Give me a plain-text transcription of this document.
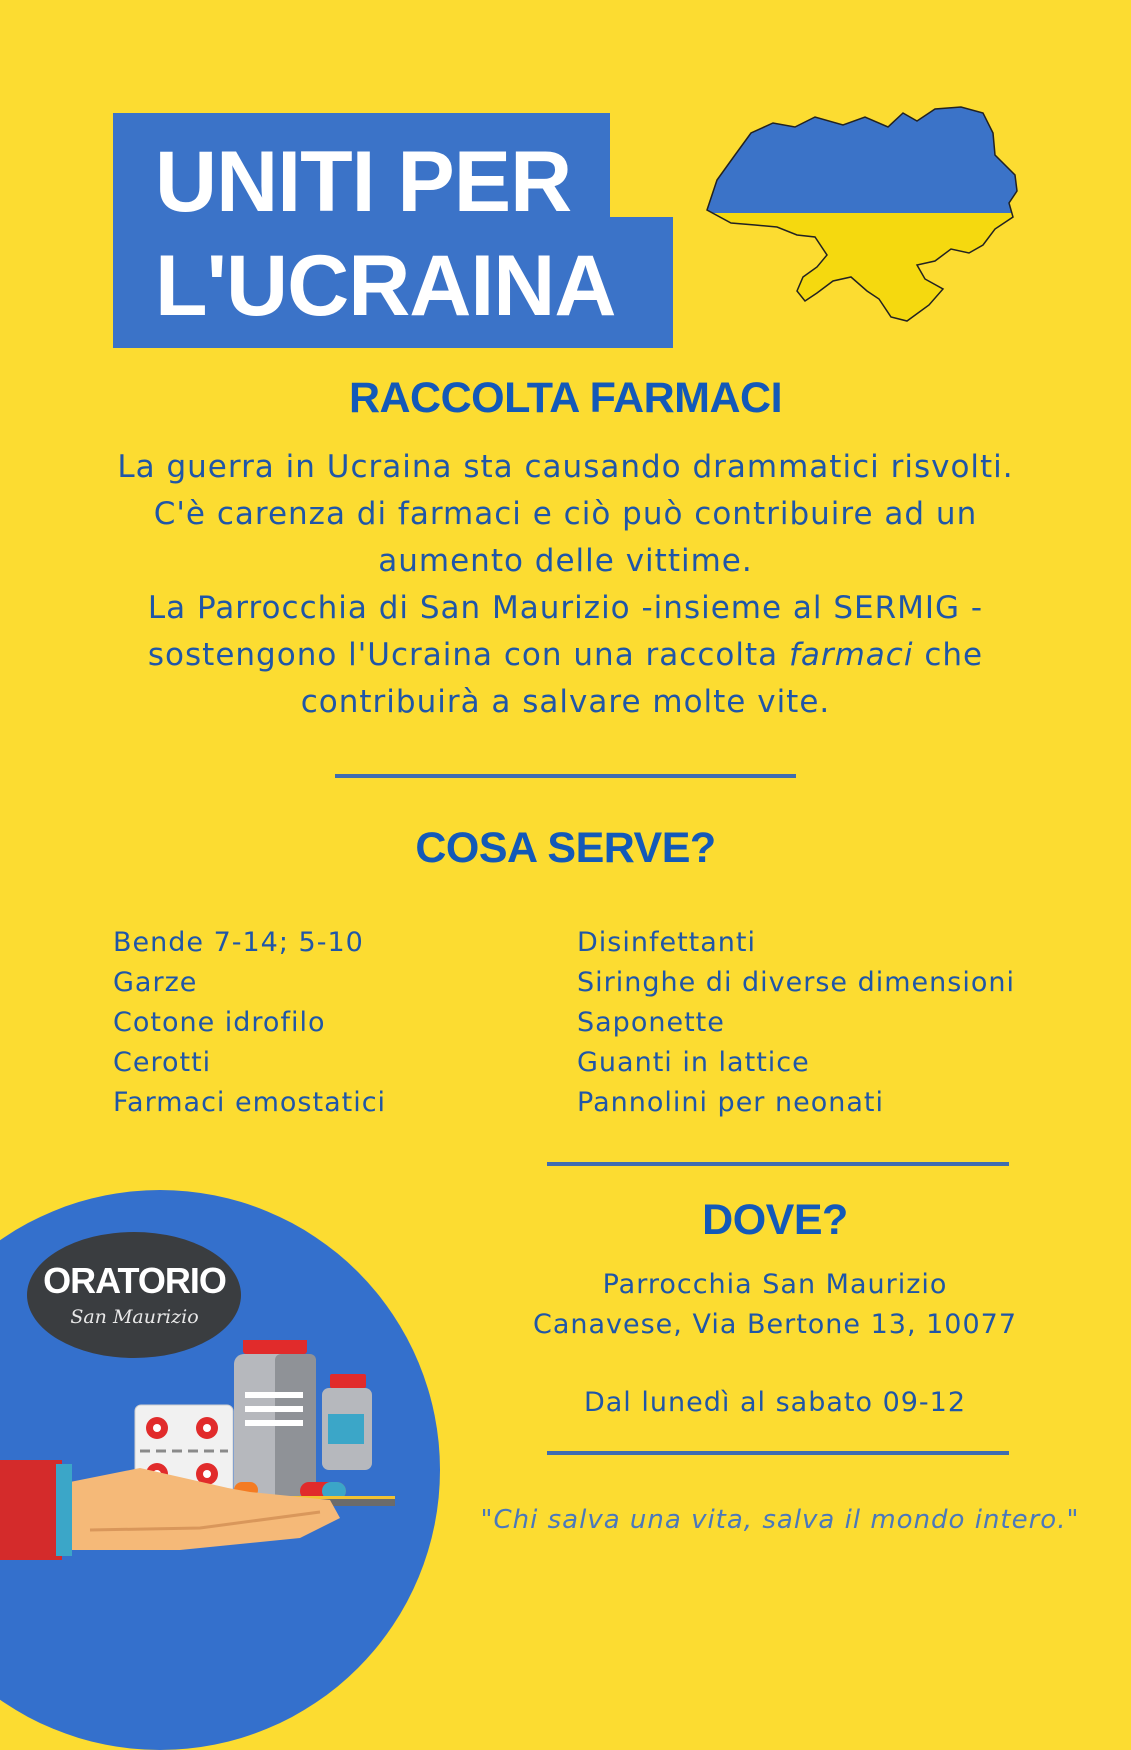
UNITI PER
L'UCRAINA
RACCOLTA FARMACI

La guerra in Ucraina sta causando drammatici risvolti.

C'è carenza di farmaci e ciò può contribuire ad un

aumento delle vittime.

La Parrocchia di San Maurizio -insieme al SERMIG -

sostengono l'Ucraina con una raccolta farmaci che

contribuirà a salvare molte vite.

COSA SERVE?
Bende 7-14; 5-10
Garze
Cotone idrofilo
Cerotti
Farmaci emostatici
Disinfettanti
Siringhe di diverse dimensioni
Saponette
Guanti in lattice
Pannolini per neonati
DOVE?
Parrocchia San Maurizio
Canavese, Via Bertone 13, 10077
Dal lunedì al sabato 09-12
"Chi salva una vita, salva il mondo intero."
ORATORIO
San Maurizio
